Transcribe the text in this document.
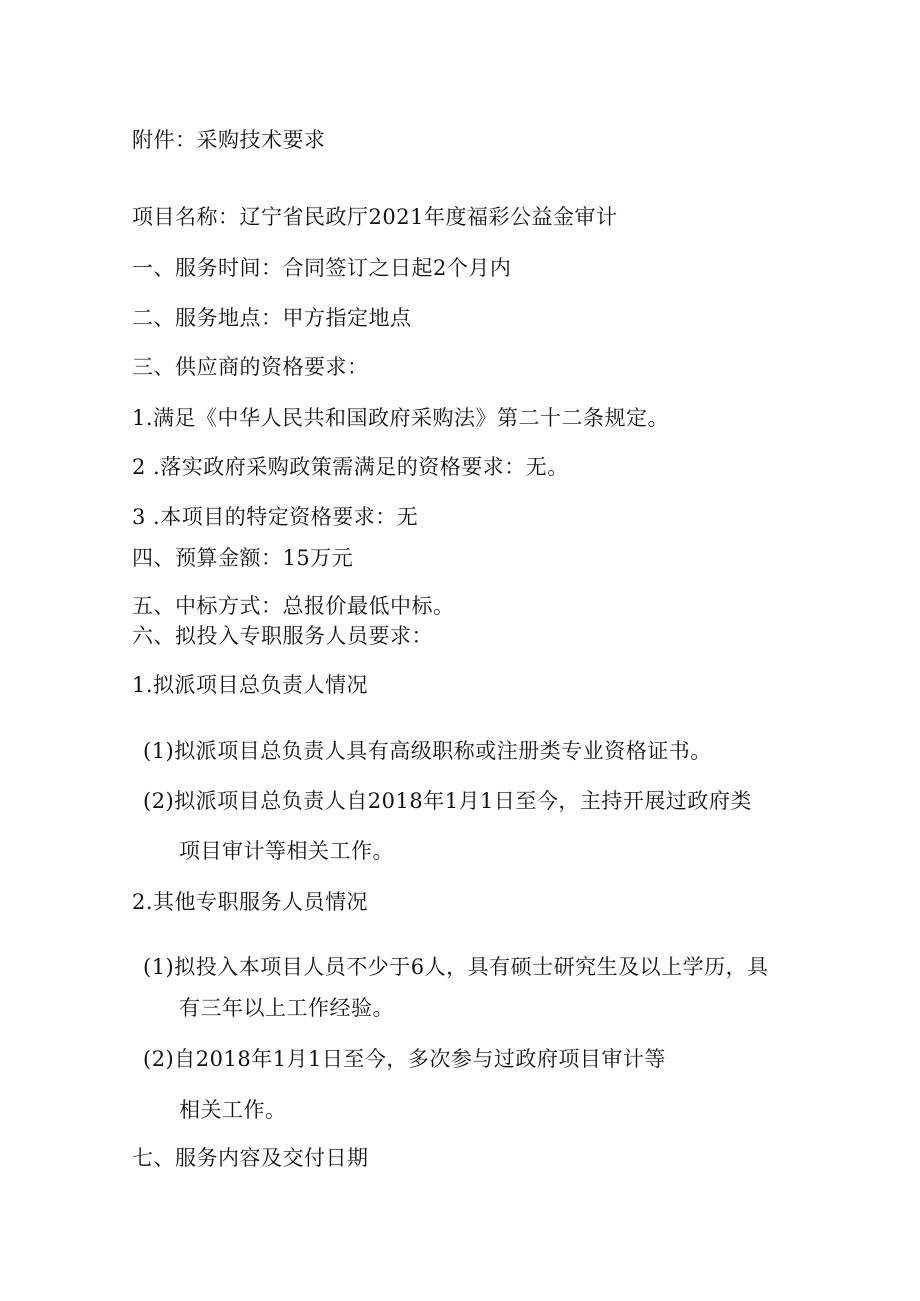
附件：采购技术要求
项目名称：辽宁省民政厅2021年度福彩公益金审计
一、服务时间：合同签订之日起2个月内
二、服务地点：甲方指定地点
三、供应商的资格要求：
1.满足《中华人民共和国政府采购法》第二十二条规定。
2 .落实政府采购政策需满足的资格要求：无。
3 .本项目的特定资格要求：无
四、预算金额：15万元
五、中标方式：总报价最低中标。
六、拟投入专职服务人员要求：
1.拟派项目总负责人情况
(1)拟派项目总负责人具有高级职称或注册类专业资格证书。
(2)拟派项目总负责人自2018年1月1日至今，主持开展过政府类
项目审计等相关工作。
2.其他专职服务人员情况
(1)拟投入本项目人员不少于6人，具有硕士研究生及以上学历，具
有三年以上工作经验。
(2)自2018年1月1日至今，多次参与过政府项目审计等
相关工作。
七、服务内容及交付日期
